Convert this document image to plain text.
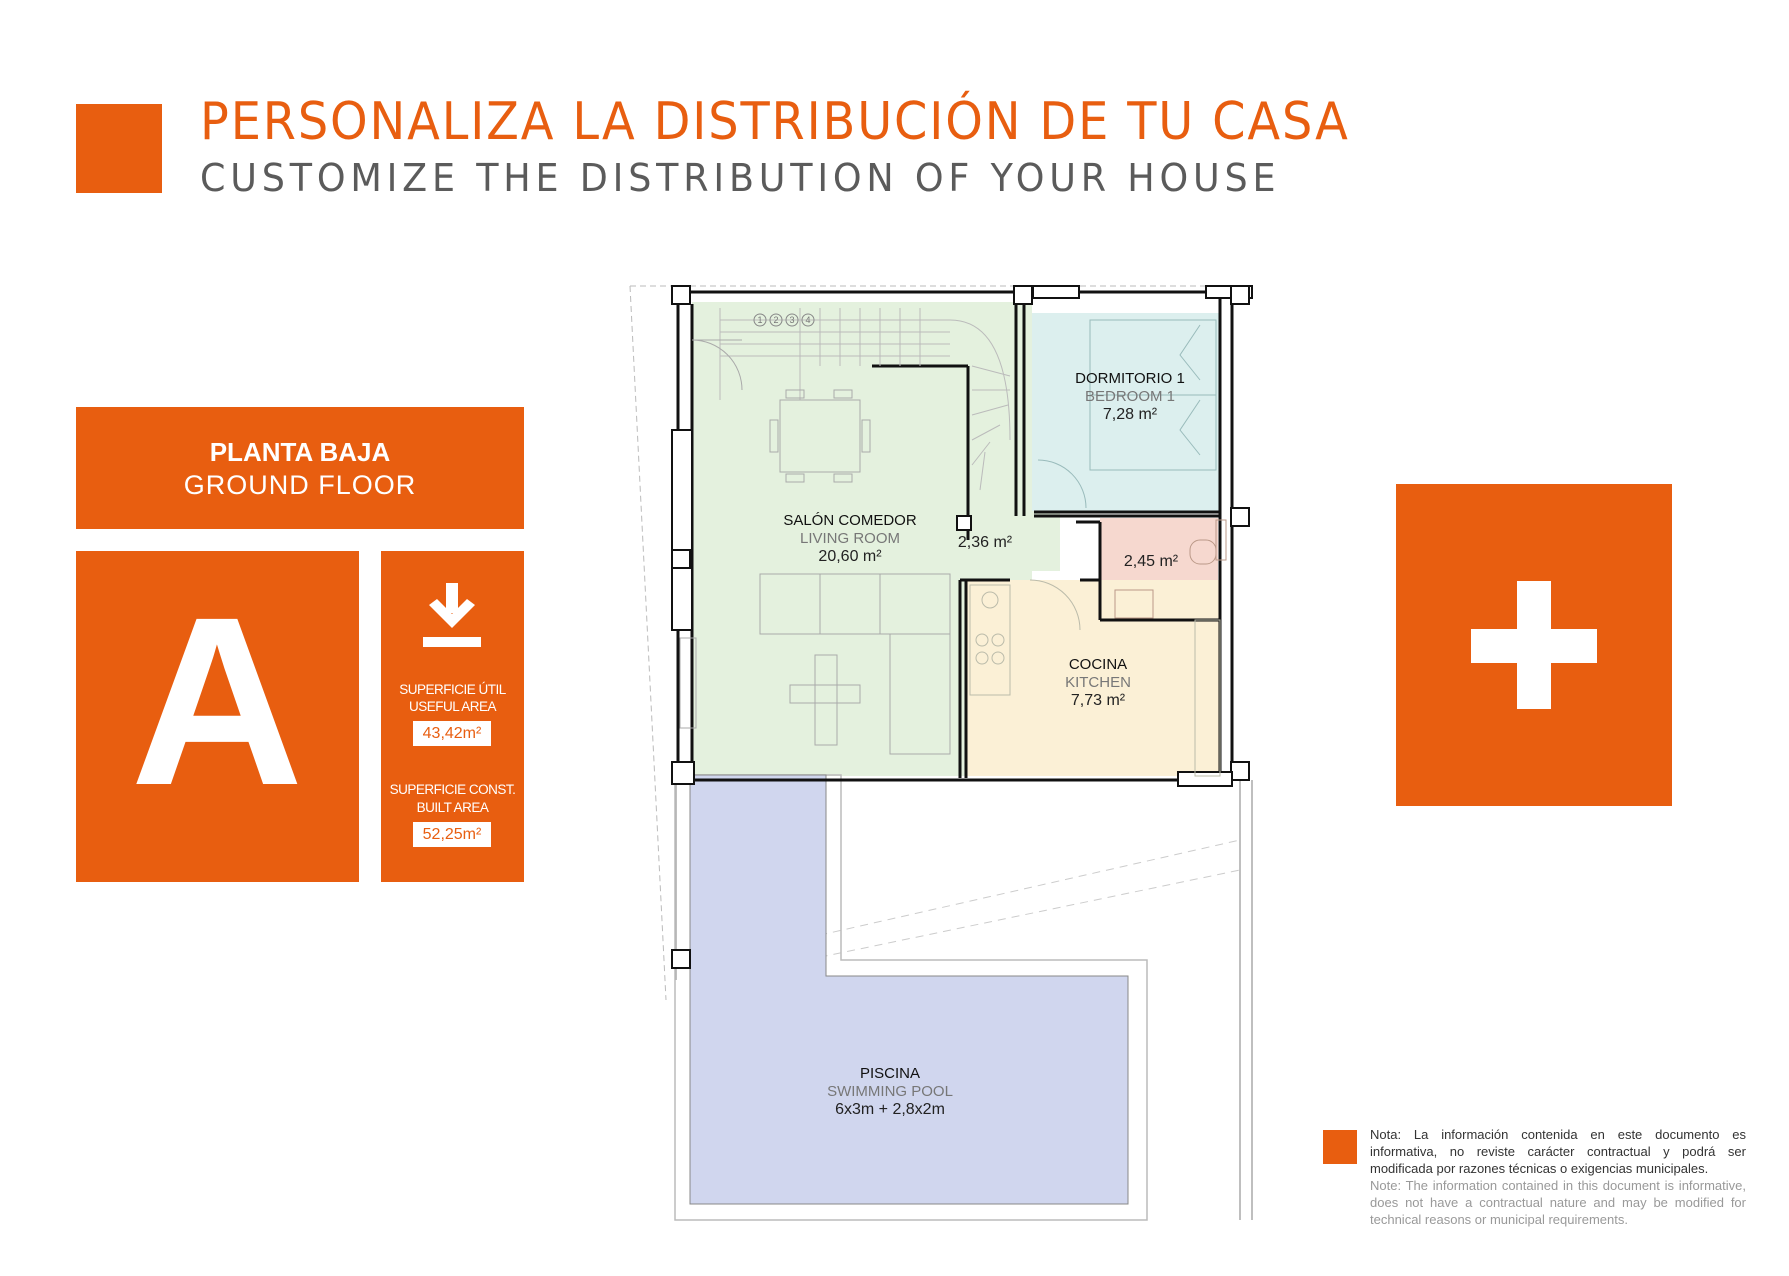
PERSONALIZA LA DISTRIBUCIÓN DE TU CASA
CUSTOMIZE THE DISTRIBUTION OF YOUR HOUSE
PLANTA BAJA
GROUND FLOOR
A	SUPERFICIE ÚTIL
USEFUL AREA
43,42m²
SUPERFICIE CONST.
BUILT AREA
52,25m²
1 2 3 4
SALÓN COMEDOR
LIVING ROOM
20,60 m²
2,36 m²
DORMITORIO 1
BEDROOM 1
7,28 m²
2,45 m²
COCINA
KITCHEN
7,73 m²
PISCINA
SWIMMING POOL
6x3m + 2,8x2m
Nota: La información contenida en este documento es informativa, no reviste carácter contractual y podrá ser modificada por razones técnicas o exigencias municipales.
Note: The information contained in this document is informative, does not have a contractual nature and may be modified for technical reasons or municipal requirements.
